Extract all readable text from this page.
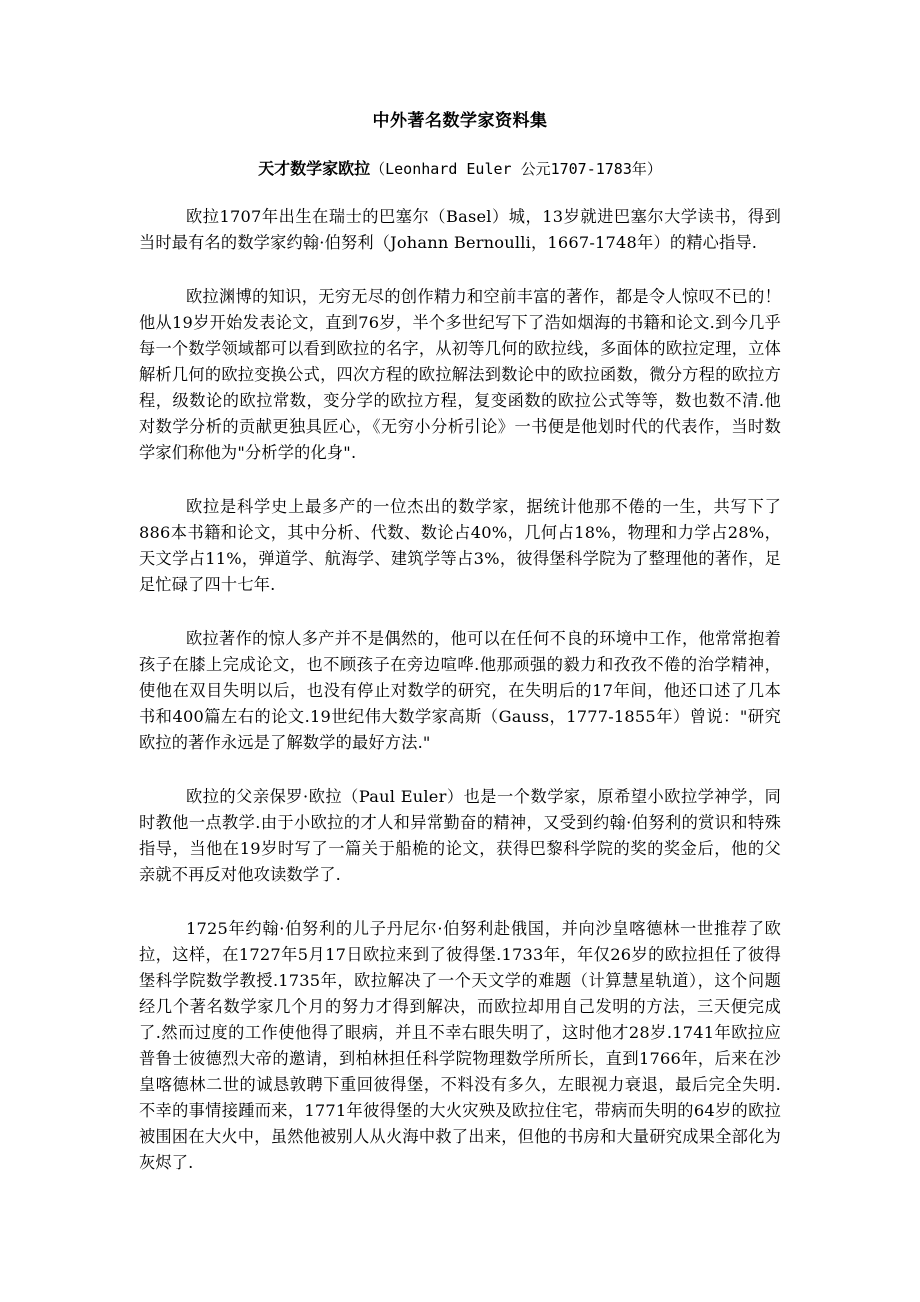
中外著名数学家资料集
天才数学家欧拉（Leonhard Euler 公元1707-1783年）

欧拉1707年出生在瑞士的巴塞尔（Basel）城，13岁就进巴塞尔大学读书，得到当时最有名的数学家约翰·伯努利（Johann Bernoulli，1667-1748年）的精心指导.

欧拉渊博的知识，无穷无尽的创作精力和空前丰富的著作，都是令人惊叹不已的！他从19岁开始发表论文，直到76岁，半个多世纪写下了浩如烟海的书籍和论文.到今几乎每一个数学领域都可以看到欧拉的名字，从初等几何的欧拉线，多面体的欧拉定理，立体解析几何的欧拉变换公式，四次方程的欧拉解法到数论中的欧拉函数，微分方程的欧拉方程，级数论的欧拉常数，变分学的欧拉方程，复变函数的欧拉公式等等，数也数不清.他对数学分析的贡献更独具匠心，《无穷小分析引论》一书便是他划时代的代表作，当时数学家们称他为"分析学的化身".

欧拉是科学史上最多产的一位杰出的数学家，据统计他那不倦的一生，共写下了886本书籍和论文，其中分析、代数、数论占40%，几何占18%，物理和力学占28%，天文学占11%，弹道学、航海学、建筑学等占3%，彼得堡科学院为了整理他的著作，足足忙碌了四十七年.

欧拉著作的惊人多产并不是偶然的，他可以在任何不良的环境中工作，他常常抱着孩子在膝上完成论文，也不顾孩子在旁边喧哗.他那顽强的毅力和孜孜不倦的治学精神，使他在双目失明以后，也没有停止对数学的研究，在失明后的17年间，他还口述了几本书和400篇左右的论文.19世纪伟大数学家高斯（Gauss，1777-1855年）曾说："研究欧拉的著作永远是了解数学的最好方法."

欧拉的父亲保罗·欧拉（Paul Euler）也是一个数学家，原希望小欧拉学神学，同时教他一点教学.由于小欧拉的才人和异常勤奋的精神，又受到约翰·伯努利的赏识和特殊指导，当他在19岁时写了一篇关于船桅的论文，获得巴黎科学院的奖的奖金后，他的父亲就不再反对他攻读数学了.

1725年约翰·伯努利的儿子丹尼尔·伯努利赴俄国，并向沙皇喀德林一世推荐了欧拉，这样，在1727年5月17日欧拉来到了彼得堡.1733年，年仅26岁的欧拉担任了彼得堡科学院数学教授.1735年，欧拉解决了一个天文学的难题（计算慧星轨道），这个问题经几个著名数学家几个月的努力才得到解决，而欧拉却用自己发明的方法，三天便完成了.然而过度的工作使他得了眼病，并且不幸右眼失明了，这时他才28岁.1741年欧拉应普鲁士彼德烈大帝的邀请，到柏林担任科学院物理数学所所长，直到1766年，后来在沙皇喀德林二世的诚恳敦聘下重回彼得堡，不料没有多久，左眼视力衰退，最后完全失明.不幸的事情接踵而来，1771年彼得堡的大火灾殃及欧拉住宅，带病而失明的64岁的欧拉被围困在大火中，虽然他被别人从火海中救了出来，但他的书房和大量研究成果全部化为灰烬了.
